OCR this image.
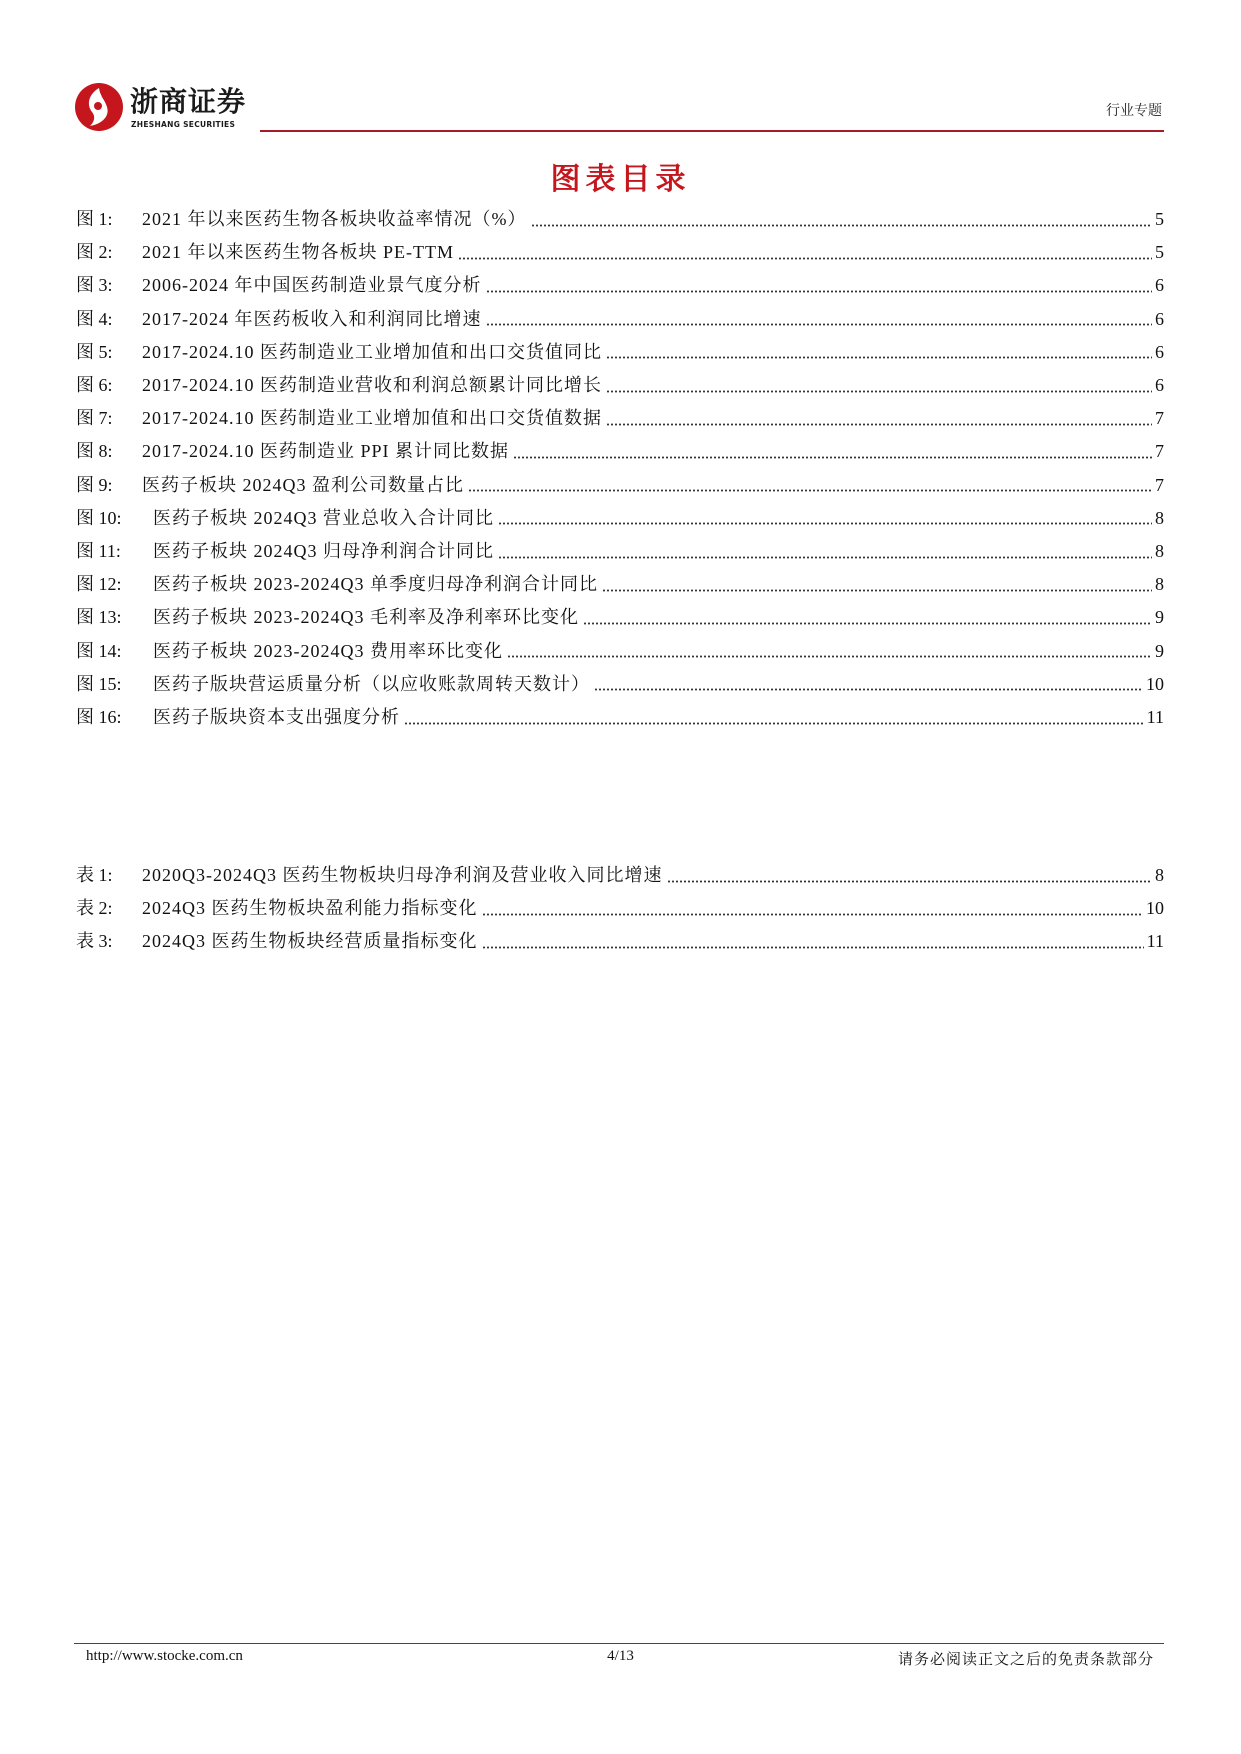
浙商证券
ZHESHANG SECURITIES
行业专题
图表目录
图 1:	2021 年以来医药生物各板块收益率情况（%）	5
图 2:	2021 年以来医药生物各板块 PE-TTM	5
图 3:	2006-2024 年中国医药制造业景气度分析	6
图 4:	2017-2024 年医药板收入和利润同比增速	6
图 5:	2017-2024.10 医药制造业工业增加值和出口交货值同比	6
图 6:	2017-2024.10 医药制造业营收和利润总额累计同比增长	6
图 7:	2017-2024.10 医药制造业工业增加值和出口交货值数据	7
图 8:	2017-2024.10 医药制造业 PPI 累计同比数据	7
图 9:	医药子板块 2024Q3 盈利公司数量占比	7
图 10:	医药子板块 2024Q3 营业总收入合计同比	8
图 11:	医药子板块 2024Q3 归母净利润合计同比	8
图 12:	医药子板块 2023-2024Q3 单季度归母净利润合计同比	8
图 13:	医药子板块 2023-2024Q3 毛利率及净利率环比变化	9
图 14:	医药子板块 2023-2024Q3 费用率环比变化	9
图 15:	医药子版块营运质量分析（以应收账款周转天数计）	10
图 16:	医药子版块资本支出强度分析	11
表 1:	2020Q3-2024Q3 医药生物板块归母净利润及营业收入同比增速	8
表 2:	2024Q3 医药生物板块盈利能力指标变化	10
表 3:	2024Q3 医药生物板块经营质量指标变化	11
http://www.stocke.com.cn	4/13	请务必阅读正文之后的免责条款部分
